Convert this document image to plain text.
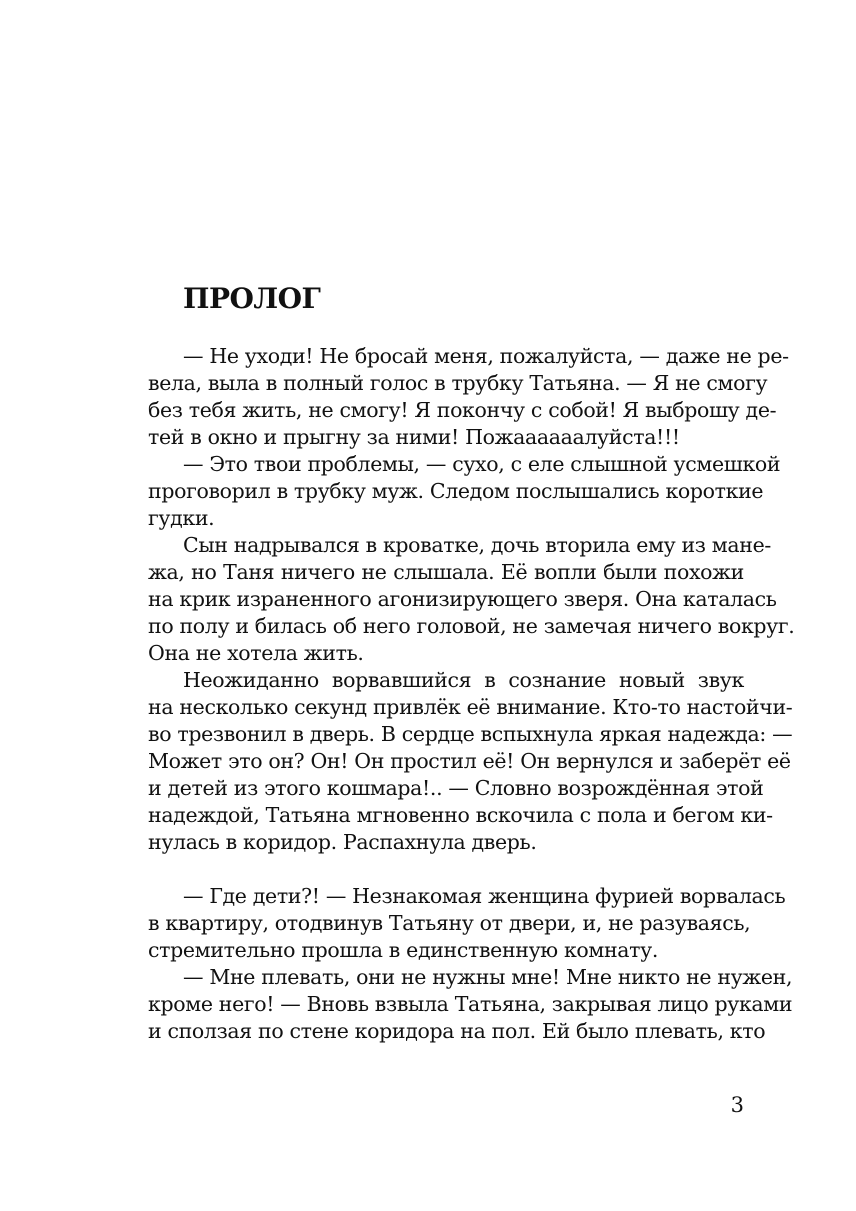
ПРОЛОГ
— Не уходи! Не бросай меня, пожалуйста, — даже не ре-
вела, выла в полный голос в трубку Татьяна. — Я не смогу
без тебя жить, не смогу! Я покончу с собой! Я выброшу де-
тей в окно и прыгну за ними! Пожаааааалуйста!!!
— Это твои проблемы, — сухо, с еле слышной усмешкой
проговорил в трубку муж. Следом послышались короткие
гудки.
Сын надрывался в кроватке, дочь вторила ему из мане-
жа, но Таня ничего не слышала. Её вопли были похожи
на крик израненного агонизирующего зверя. Она каталась
по полу и билась об него головой, не замечая ничего вокруг.
Она не хотела жить.
Неожиданно ворвавшийся в сознание новый звук
на несколько секунд привлёк её внимание. Кто-то настойчи-
во трезвонил в дверь. В сердце вспыхнула яркая надежда: —
Может это он? Он! Он простил её! Он вернулся и заберёт её
и детей из этого кошмара!.. — Словно возрождённая этой
надеждой, Татьяна мгновенно вскочила с пола и бегом ки-
нулась в коридор. Распахнула дверь.
— Где дети?! — Незнакомая женщина фурией ворвалась
в квартиру, отодвинув Татьяну от двери, и, не разуваясь,
стремительно прошла в единственную комнату.
— Мне плевать, они не нужны мне! Мне никто не нужен,
кроме него! — Вновь взвыла Татьяна, закрывая лицо руками
и сползая по стене коридора на пол. Ей было плевать, кто
3
